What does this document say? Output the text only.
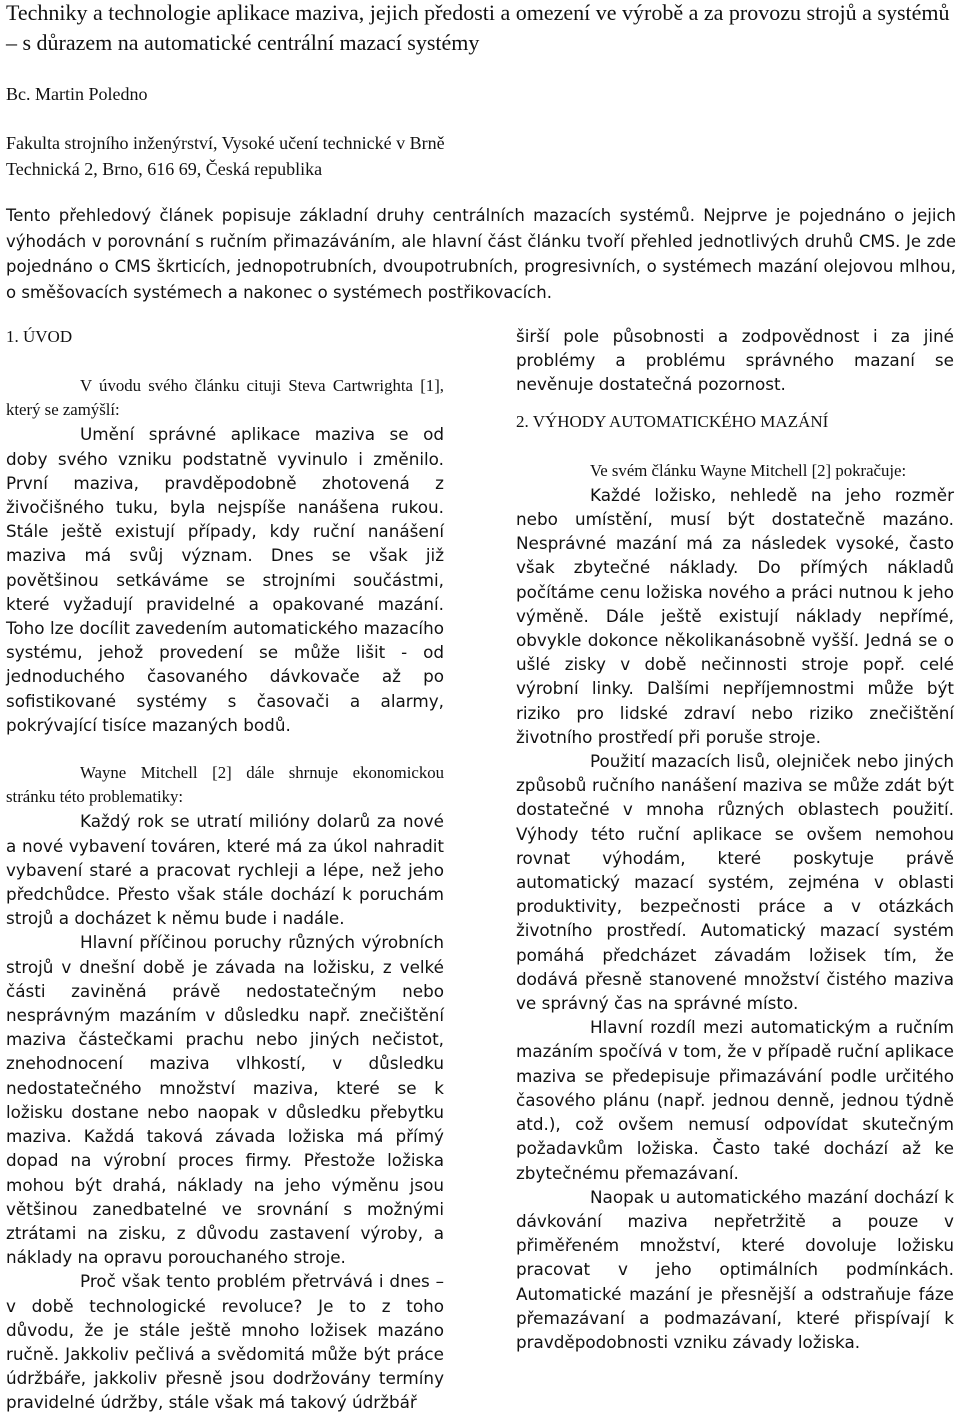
Techniky a technologie aplikace maziva, jejich předosti a omezení ve výrobě a za provozu strojů a systémů – s důrazem na automatické centrální mazací systémy
Bc. Martin Poledno
Fakulta strojního inženýrství, Vysoké učení technické v Brně
Technická 2, Brno, 616 69, Česká republika

Tento přehledový článek popisuje základní druhy centrálních mazacích systémů. Nejprve je pojednáno o jejich výhodách v porovnání s ručním přimazáváním, ale hlavní část článku tvoří přehled jednotlivých druhů CMS. Je zde pojednáno o CMS škrticích, jednopotrubních, dvoupotrubních, progresivních, o systémech mazání olejovou mlhou, o směšovacích systémech a nakonec o systémech postřikovacích.

1. ÚVOD

V úvodu svého článku cituji Steva Cartwrighta [1], který se zamýšlí:

Umění správné aplikace maziva se od doby svého vzniku podstatně vyvinulo i změnilo. První maziva, pravděpodobně zhotovená z živočišného tuku, byla nejspíše nanášena rukou. Stále ještě existují případy, kdy ruční nanášení maziva má svůj význam. Dnes se však již povětšinou setkáváme se strojními součástmi, které vyžadují pravidelné a opakované mazání. Toho lze docílit zavedením automatického mazacího systému, jehož provedení se může lišit - od jednoduchého časovaného dávkovače až po sofistikované systémy s časovači a alarmy, pokrývající tisíce mazaných bodů.

Wayne Mitchell [2] dále shrnuje ekonomickou stránku této problematiky:

Každý rok se utratí milióny dolarů za nové a nové vybavení továren, které má za úkol nahradit vybavení staré a pracovat rychleji a lépe, než jeho předchůdce. Přesto však stále dochází k poruchám strojů a docházet k němu bude i nadále.

Hlavní příčinou poruchy různých výrobních strojů v dnešní době je závada na ložisku, z velké části zaviněná právě nedostatečným nebo nesprávným mazáním v důsledku např. znečištění maziva částečkami prachu nebo jiných nečistot, znehodnocení maziva vlhkostí, v důsledku nedostatečného množství maziva, které se k ložisku dostane nebo naopak v důsledku přebytku maziva. Každá taková závada ložiska má přímý dopad na výrobní proces firmy. Přestože ložiska mohou být drahá, náklady na jeho výměnu jsou většinou zanedbatelné ve srovnání s možnými ztrátami na zisku, z důvodu zastavení výroby, a náklady na opravu porouchaného stroje.

Proč však tento problém přetrvává i dnes – v době technologické revoluce? Je to z toho důvodu, že je stále ještě mnoho ložisek mazáno ručně. Jakkoliv pečlivá a svědomitá může být práce údržbáře, jakkoliv přesně jsou dodržovány termíny pravidelné údržby, stále však má takový údržbář

širší pole působnosti a zodpovědnost i za jiné problémy a problému správného mazaní se nevěnuje dostatečná pozornost.

2. VÝHODY AUTOMATICKÉHO MAZÁNÍ

Ve svém článku Wayne Mitchell [2] pokračuje:

Každé ložisko, nehledě na jeho rozměr nebo umístění, musí být dostatečně mazáno. Nesprávné mazání má za následek vysoké, často však zbytečné náklady. Do přímých nákladů počítáme cenu ložiska nového a práci nutnou k jeho výměně. Dále ještě existují náklady nepřímé, obvykle dokonce několikanásobně vyšší. Jedná se o ušlé zisky v době nečinnosti stroje popř. celé výrobní linky. Dalšími nepříjemnostmi může být riziko pro lidské zdraví nebo riziko znečištění životního prostředí při poruše stroje.

Použití mazacích lisů, olejniček nebo jiných způsobů ručního nanášení maziva se může zdát být dostatečné v mnoha různých oblastech použití. Výhody této ruční aplikace se ovšem nemohou rovnat výhodám, které poskytuje právě automatický mazací systém, zejména v oblasti produktivity, bezpečnosti práce a v otázkách životního prostředí. Automatický mazací systém pomáhá předcházet závadám ložisek tím, že dodává přesně stanovené množství čistého maziva ve správný čas na správné místo.

Hlavní rozdíl mezi automatickým a ručním mazáním spočívá v tom, že v případě ruční aplikace maziva se předepisuje přimazávání podle určitého časového plánu (např. jednou denně, jednou týdně atd.), což ovšem nemusí odpovídat skutečným požadavkům ložiska. Často také dochází až ke zbytečnému přemazávaní.

Naopak u automatického mazání dochází k dávkování maziva nepřetržitě a pouze v přiměřeném množství, které dovoluje ložisku pracovat v jeho optimálních podmínkách. Automatické mazání je přesnější a odstraňuje fáze přemazávaní a podmazávaní, které přispívají k pravděpodobnosti vzniku závady ložiska.
